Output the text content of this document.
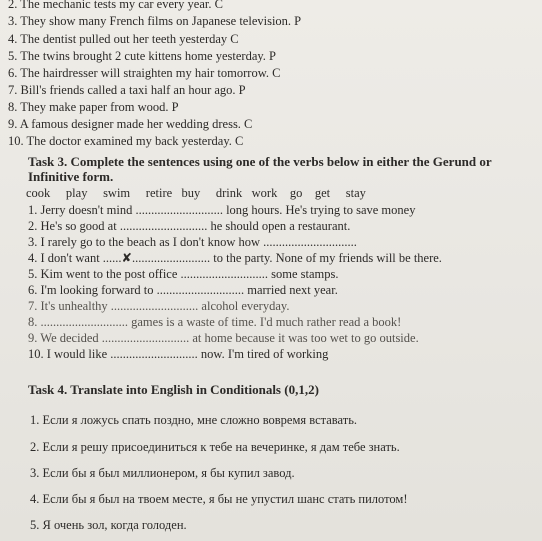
2. The mechanic tests my car every year. C
3. They show many French films on Japanese television. P
4. The dentist pulled out her teeth yesterday C
5. The twins brought 2 cute kittens home yesterday. P
6. The hairdresser will straighten my hair tomorrow. C
7. Bill's friends called a taxi half an hour ago. P
8. They make paper from wood. P
9. A famous designer made her wedding dress. C
10. The doctor examined my back yesterday. C
Task 3. Complete the sentences using one of the verbs below in either the Gerund or
Infinitive form.
cook     play     swim     retire   buy     drink   work    go    get     stay
1. Jerry doesn't mind ............................ long hours. He's trying to save money
2. He's so good at ............................ he should open a restaurant.
3. I rarely go to the beach as I don't know how ..............................
4. I don't want ......✘......................... to the party. None of my friends will be there.
5. Kim went to the post office ............................ some stamps.
6. I'm looking forward to ............................ married next year.
7. It's unhealthy ............................ alcohol everyday.
8. ............................ games is a waste of time. I'd much rather read a book!
9. We decided ............................ at home because it was too wet to go outside.
10. I would like ............................ now. I'm tired of working
Task 4. Translate into English in Conditionals (0,1,2)
1. Если я ложусь спать поздно, мне сложно вовремя вставать.
2. Если я решу присоединиться к тебе на вечеринке, я дам тебе знать.
3. Если бы я был миллионером, я бы купил завод.
4. Если бы я был на твоем месте, я бы не упустил шанс стать пилотом!
5. Я очень зол, когда голоден.
